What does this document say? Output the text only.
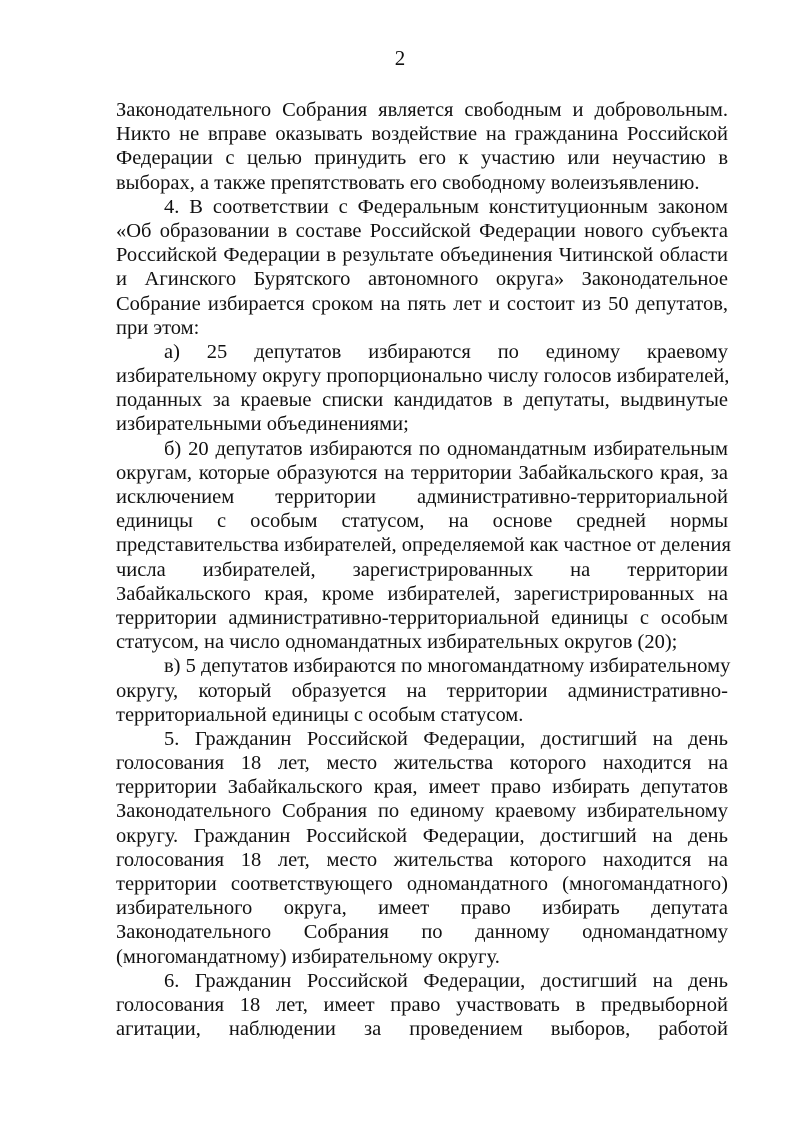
2
Законодательного Собрания является свободным и добровольным.
Никто не вправе оказывать воздействие на гражданина Российской
Федерации с целью принудить его к участию или неучастию в
выборах, а также препятствовать его свободному волеизъявлению.
4. В соответствии с Федеральным конституционным законом
«Об образовании в составе Российской Федерации нового субъекта
Российской Федерации в результате объединения Читинской области
и Агинского Бурятского автономного округа» Законодательное
Собрание избирается сроком на пять лет и состоит из 50 депутатов,
при этом:
а) 25 депутатов избираются по единому краевому
избирательному округу пропорционально числу голосов избирателей,
поданных за краевые списки кандидатов в депутаты, выдвинутые
избирательными объединениями;
б) 20 депутатов избираются по одномандатным избирательным
округам, которые образуются на территории Забайкальского края, за
исключением территории административно-территориальной
единицы с особым статусом, на основе средней нормы
представительства избирателей, определяемой как частное от деления
числа избирателей, зарегистрированных на территории
Забайкальского края, кроме избирателей, зарегистрированных на
территории административно-территориальной единицы с особым
статусом, на число одномандатных избирательных округов (20);
в) 5 депутатов избираются по многомандатному избирательному
округу, который образуется на территории административно-
территориальной единицы с особым статусом.
5. Гражданин Российской Федерации, достигший на день
голосования 18 лет, место жительства которого находится на
территории Забайкальского края, имеет право избирать депутатов
Законодательного Собрания по единому краевому избирательному
округу. Гражданин Российской Федерации, достигший на день
голосования 18 лет, место жительства которого находится на
территории соответствующего одномандатного (многомандатного)
избирательного округа, имеет право избирать депутата
Законодательного Собрания по данному одномандатному
(многомандатному) избирательному округу.
6. Гражданин Российской Федерации, достигший на день
голосования 18 лет, имеет право участвовать в предвыборной
агитации, наблюдении за проведением выборов, работой
